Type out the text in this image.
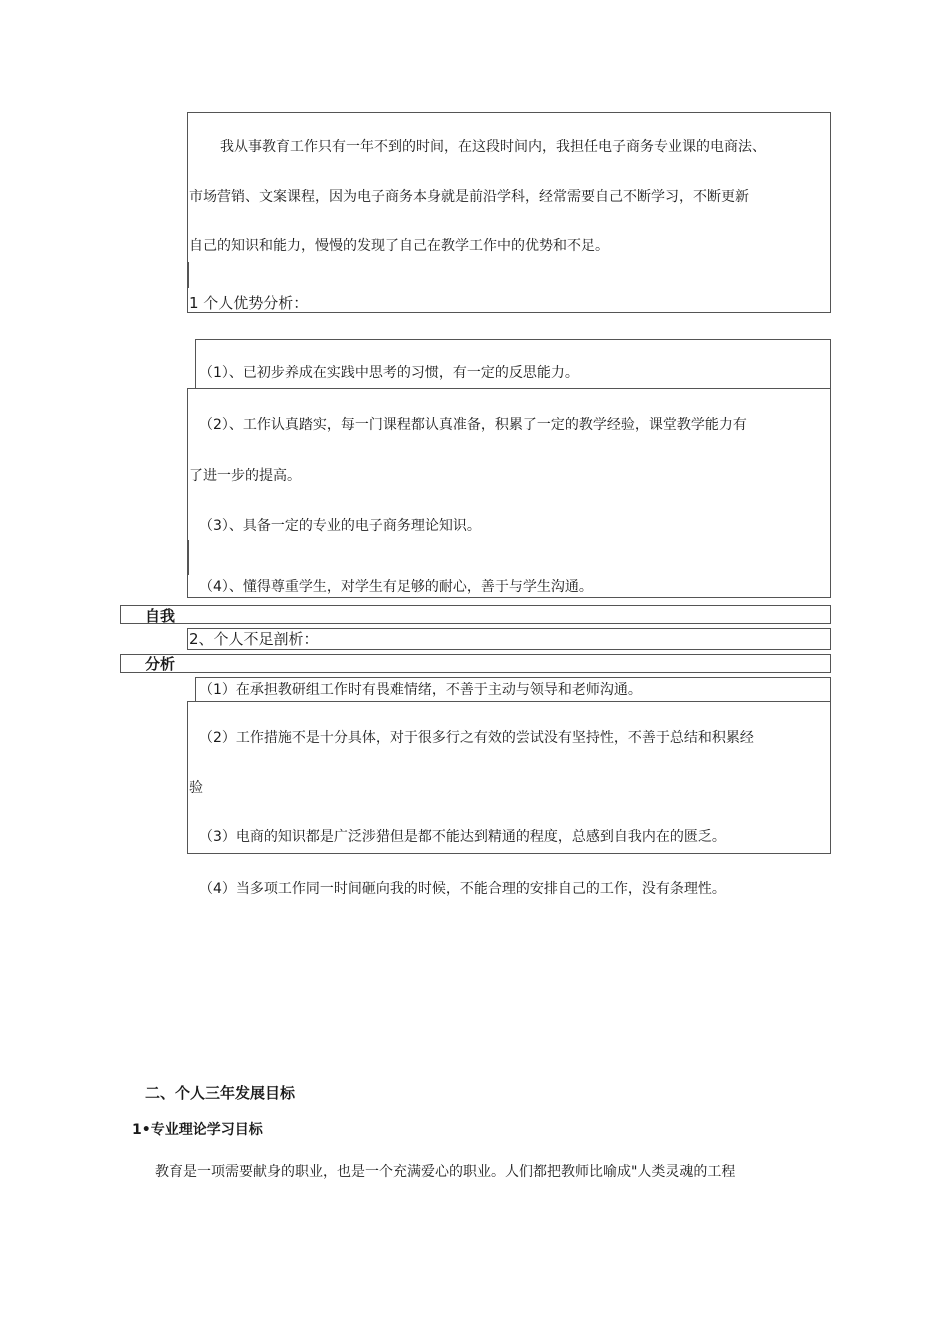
我从事教育工作只有一年不到的时间，在这段时间内，我担任电子商务专业课的电商法、
市场营销、文案课程，因为电子商务本身就是前沿学科，经常需要自己不断学习，不断更新
自己的知识和能力，慢慢的发现了自己在教学工作中的优势和不足。
1 个人优势分析：
（1）、已初步养成在实践中思考的习惯，有一定的反思能力。
（2）、工作认真踏实，每一门课程都认真准备，积累了一定的教学经验，课堂教学能力有
了进一步的提高。
（3）、具备一定的专业的电子商务理论知识。
（4）、懂得尊重学生，对学生有足够的耐心，善于与学生沟通。
自我
2、个人不足剖析：
分析
（1）在承担教研组工作时有畏难情绪，不善于主动与领导和老师沟通。
（2）工作措施不是十分具体，对于很多行之有效的尝试没有坚持性，不善于总结和积累经
验
（3）电商的知识都是广泛涉猎但是都不能达到精通的程度，总感到自我内在的匮乏。
（4）当多项工作同一时间砸向我的时候，不能合理的安排自己的工作，没有条理性。
二、个人三年发展目标
1•专业理论学习目标
教育是一项需要献身的职业，也是一个充满爱心的职业。人们都把教师比喻成"人类灵魂的工程
